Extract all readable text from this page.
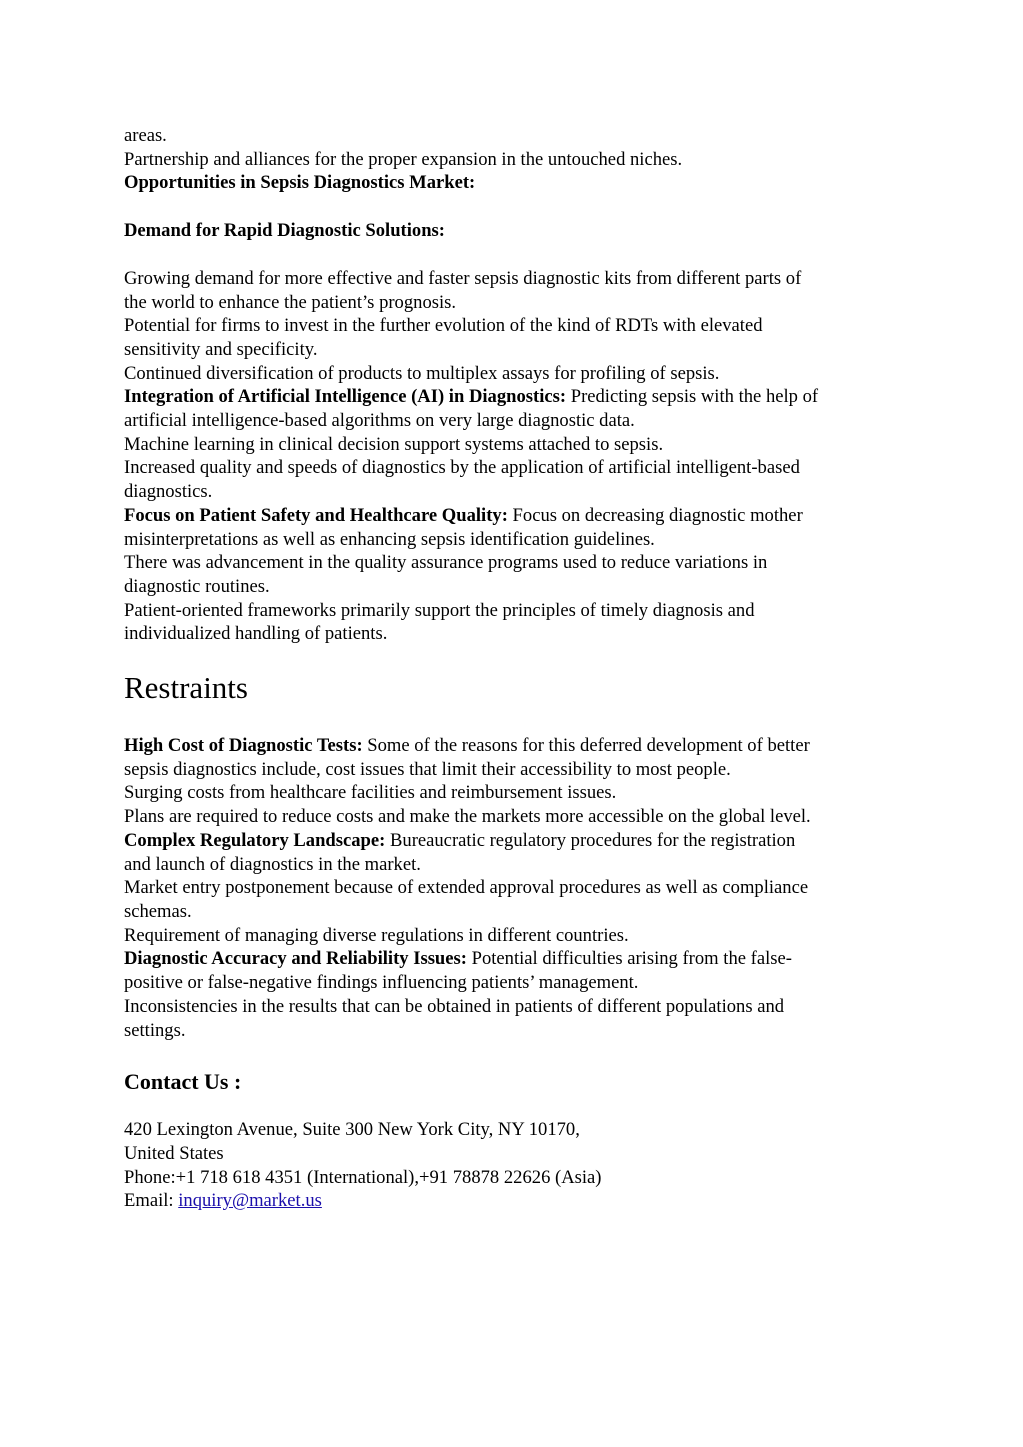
areas.

Partnership and alliances for the proper expansion in the untouched niches.

Opportunities in Sepsis Diagnostics Market:

Demand for Rapid Diagnostic Solutions:

Growing demand for more effective and faster sepsis diagnostic kits from different parts of

the world to enhance the patient’s prognosis.

Potential for firms to invest in the further evolution of the kind of RDTs with elevated

sensitivity and specificity.

Continued diversification of products to multiplex assays for profiling of sepsis.

Integration of Artificial Intelligence (AI) in Diagnostics: Predicting sepsis with the help of

artificial intelligence-based algorithms on very large diagnostic data.

Machine learning in clinical decision support systems attached to sepsis.

Increased quality and speeds of diagnostics by the application of artificial intelligent-based

diagnostics.

Focus on Patient Safety and Healthcare Quality: Focus on decreasing diagnostic mother

misinterpretations as well as enhancing sepsis identification guidelines.

There was advancement in the quality assurance programs used to reduce variations in

diagnostic routines.

Patient-oriented frameworks primarily support the principles of timely diagnosis and

individualized handling of patients.

Restraints

High Cost of Diagnostic Tests: Some of the reasons for this deferred development of better

sepsis diagnostics include, cost issues that limit their accessibility to most people.

Surging costs from healthcare facilities and reimbursement issues.

Plans are required to reduce costs and make the markets more accessible on the global level.

Complex Regulatory Landscape: Bureaucratic regulatory procedures for the registration

and launch of diagnostics in the market.

Market entry postponement because of extended approval procedures as well as compliance

schemas.

Requirement of managing diverse regulations in different countries.

Diagnostic Accuracy and Reliability Issues: Potential difficulties arising from the false-

positive or false-negative findings influencing patients’ management.

Inconsistencies in the results that can be obtained in patients of different populations and

settings.

Contact Us :

420 Lexington Avenue, Suite 300 New York City, NY 10170,

United States

Phone:+1 718 618 4351 (International),+91 78878 22626 (Asia)

Email: inquiry@market.us
